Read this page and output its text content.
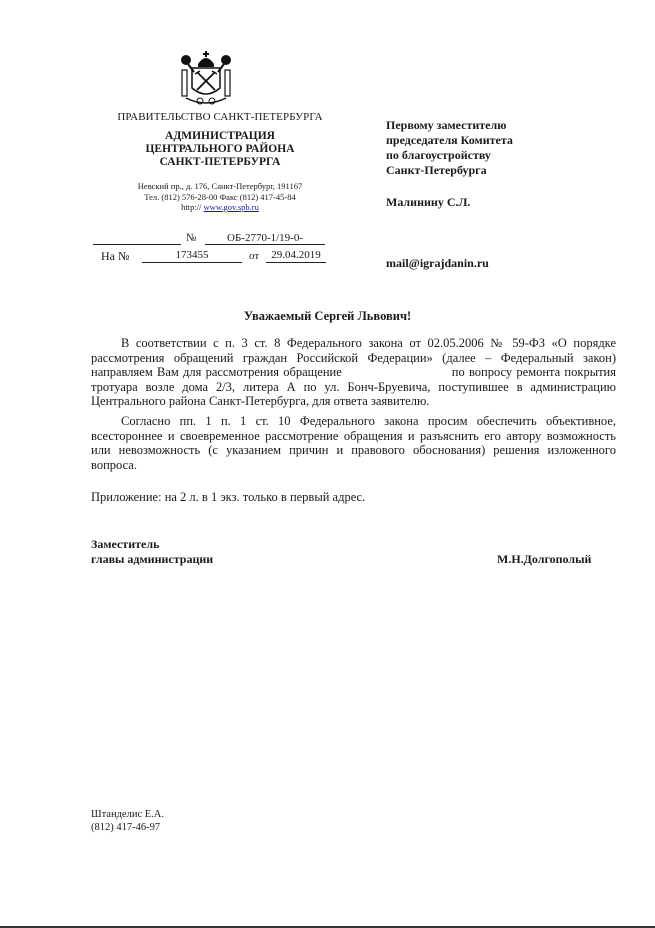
ПРАВИТЕЛЬСТВО САНКТ-ПЕТЕРБУРГА
АДМИНИСТРАЦИЯ
ЦЕНТРАЛЬНОГО РАЙОНА
САНКТ-ПЕТЕРБУРГА
Невский пр., д. 176, Санкт-Петербург, 191167
Тел. (812) 576-28-00 Факс (812) 417-45-84
http:// www.gov.spb.ru
№	ОБ-2770-1/19-0-
На №	173455	от	29.04.2019
Первому заместителю
председателя Комитета
по благоустройству
Санкт-Петербурга
Малинину С.Л.
mail@igrajdanin.ru
Уважаемый Сергей Львович!
В соответствии с п. 3 ст. 8 Федерального закона от 02.05.2006 № 59-ФЗ «О порядке рассмотрения обращений граждан Российской Федерации» (далее – Федеральный закон) направляем Вам для рассмотрения обращение                          по вопросу ремонта покрытия тротуара возле дома 2/3, литера А по ул. Бонч-Бруевича, поступившее в администрацию Центрального района Санкт-Петербурга, для ответа заявителю.
Согласно пп. 1 п. 1 ст. 10 Федерального закона просим обеспечить объективное, всестороннее и своевременное рассмотрение обращения и разъяснить его автору возможность или невозможность (с указанием причин и правового обоснования) решения изложенного вопроса.
Приложение: на 2 л. в 1 экз. только в первый адрес.
Заместитель
главы администрации	М.Н.Долгополый
Штанделис Е.А.
(812) 417-46-97
